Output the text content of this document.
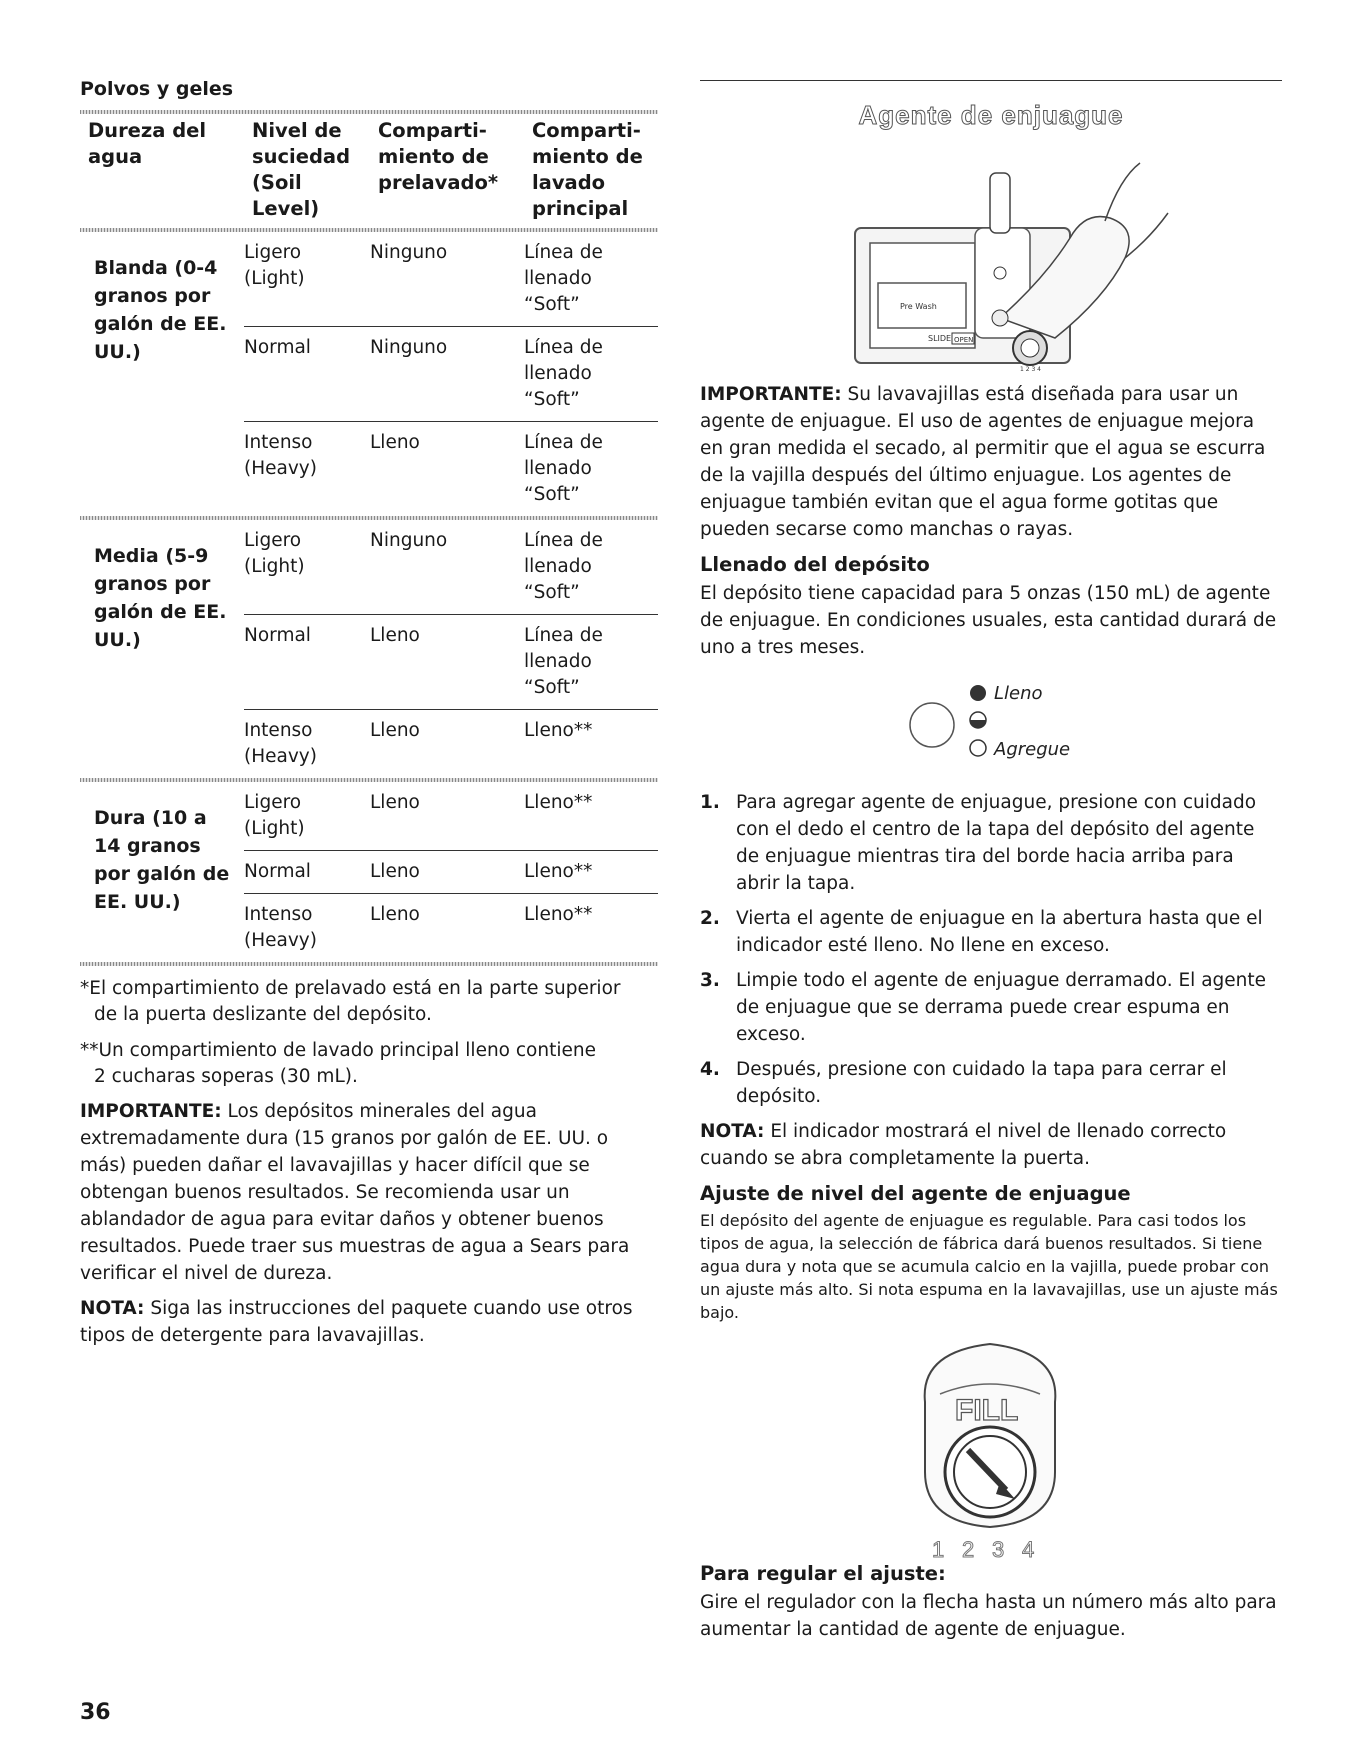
Polvos y geles
Dureza del agua	Nivel de suciedad (Soil Level)	Comparti-miento de prelavado*	Comparti-miento de lavado principal

Blanda (0-4 granos por galón de EE. UU.)	Ligero (Light)	Ninguno	Línea de llenado “Soft”
	Normal	Ninguno	Línea de llenado “Soft”
	Intenso (Heavy)	Lleno	Línea de llenado “Soft”

Media (5-9 granos por galón de EE. UU.)	Ligero (Light)	Ninguno	Línea de llenado “Soft”
	Normal	Lleno	Línea de llenado “Soft”
	Intenso (Heavy)	Lleno	Lleno**

Dura (10 a 14 granos por galón de EE. UU.)	Ligero (Light)	Lleno	Lleno**
	Normal	Lleno	Lleno**
	Intenso (Heavy)	Lleno	Lleno**

*El compartimiento de prelavado está en la parte superior
de la puerta deslizante del depósito.
**Un compartimiento de lavado principal lleno contiene
2 cucharas soperas (30 mL).

IMPORTANTE: Los depósitos minerales del agua extremadamente dura (15 granos por galón de EE. UU. o más) pueden dañar el lavavajillas y hacer difícil que se obtengan buenos resultados. Se recomienda usar un ablandador de agua para evitar daños y obtener buenos resultados. Puede traer sus muestras de agua a Sears para verificar el nivel de dureza.

NOTA: Siga las instrucciones del paquete cuando use otros tipos de detergente para lavavajillas.

Agente de enjuague
Pre Wash
SLIDE OPEN
1 2 3 4

IMPORTANTE: Su lavavajillas está diseñada para usar un agente de enjuague. El uso de agentes de enjuague mejora en gran medida el secado, al permitir que el agua se escurra de la vajilla después del último enjuague. Los agentes de enjuague también evitan que el agua forme gotitas que pueden secarse como manchas o rayas.

Llenado del depósito

El depósito tiene capacidad para 5 onzas (150 mL) de agente de enjuague. En condiciones usuales, esta cantidad durará de uno a tres meses.

Lleno
Agregue
1. Para agregar agente de enjuague, presione con cuidado con el dedo el centro de la tapa del depósito del agente de enjuague mientras tira del borde hacia arriba para abrir la tapa.
2. Vierta el agente de enjuague en la abertura hasta que el indicador esté lleno. No llene en exceso.
3. Limpie todo el agente de enjuague derramado. El agente de enjuague que se derrama puede crear espuma en exceso.
4. Después, presione con cuidado la tapa para cerrar el depósito.

NOTA: El indicador mostrará el nivel de llenado correcto cuando se abra completamente la puerta.

Ajuste de nivel del agente de enjuague

El depósito del agente de enjuague es regulable. Para casi todos los tipos de agua, la selección de fábrica dará buenos resultados. Si tiene agua dura y nota que se acumula calcio en la vajilla, puede probar con un ajuste más alto. Si nota espuma en la lavavajillas, use un ajuste más bajo.

FILL
1 2 3 4
Para regular el ajuste:

Gire el regulador con la flecha hasta un número más alto para aumentar la cantidad de agente de enjuague.

36
